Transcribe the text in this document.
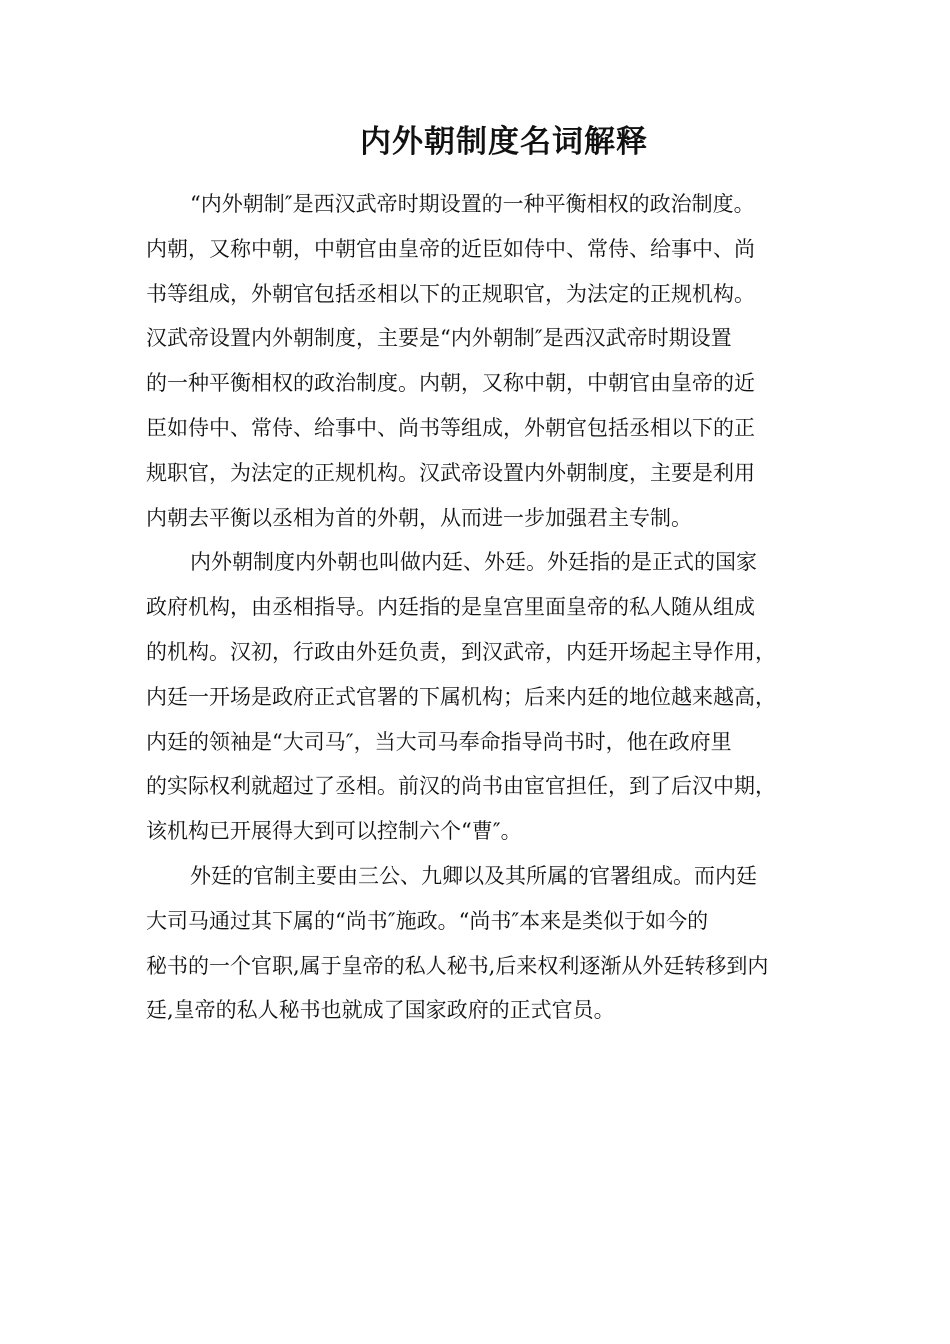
内外朝制度名词解释
“内外朝制″是西汉武帝时期设置的一种平衡相权的政治制度。
内朝，又称中朝，中朝官由皇帝的近臣如侍中、常侍、给事中、尚
书等组成，外朝官包括丞相以下的正规职官，为法定的正规机构。
汉武帝设置内外朝制度，主要是“内外朝制″是西汉武帝时期设置
的一种平衡相权的政治制度。内朝，又称中朝，中朝官由皇帝的近
臣如侍中、常侍、给事中、尚书等组成，外朝官包括丞相以下的正
规职官，为法定的正规机构。汉武帝设置内外朝制度，主要是利用
内朝去平衡以丞相为首的外朝，从而进一步加强君主专制。
内外朝制度内外朝也叫做内廷、外廷。外廷指的是正式的国家
政府机构，由丞相指导。内廷指的是皇宫里面皇帝的私人随从组成
的机构。汉初，行政由外廷负责，到汉武帝，内廷开场起主导作用，
内廷一开场是政府正式官署的下属机构；后来内廷的地位越来越高，
内廷的领袖是“大司马″，当大司马奉命指导尚书时，他在政府里
的实际权利就超过了丞相。前汉的尚书由宦官担任，到了后汉中期，
该机构已开展得大到可以控制六个“曹″。
外廷的官制主要由三公、九卿以及其所属的官署组成。而内廷
大司马通过其下属的“尚书″施政。“尚书″本来是类似于如今的
秘书的一个官职,属于皇帝的私人秘书,后来权利逐渐从外廷转移到内
廷,皇帝的私人秘书也就成了国家政府的正式官员。
